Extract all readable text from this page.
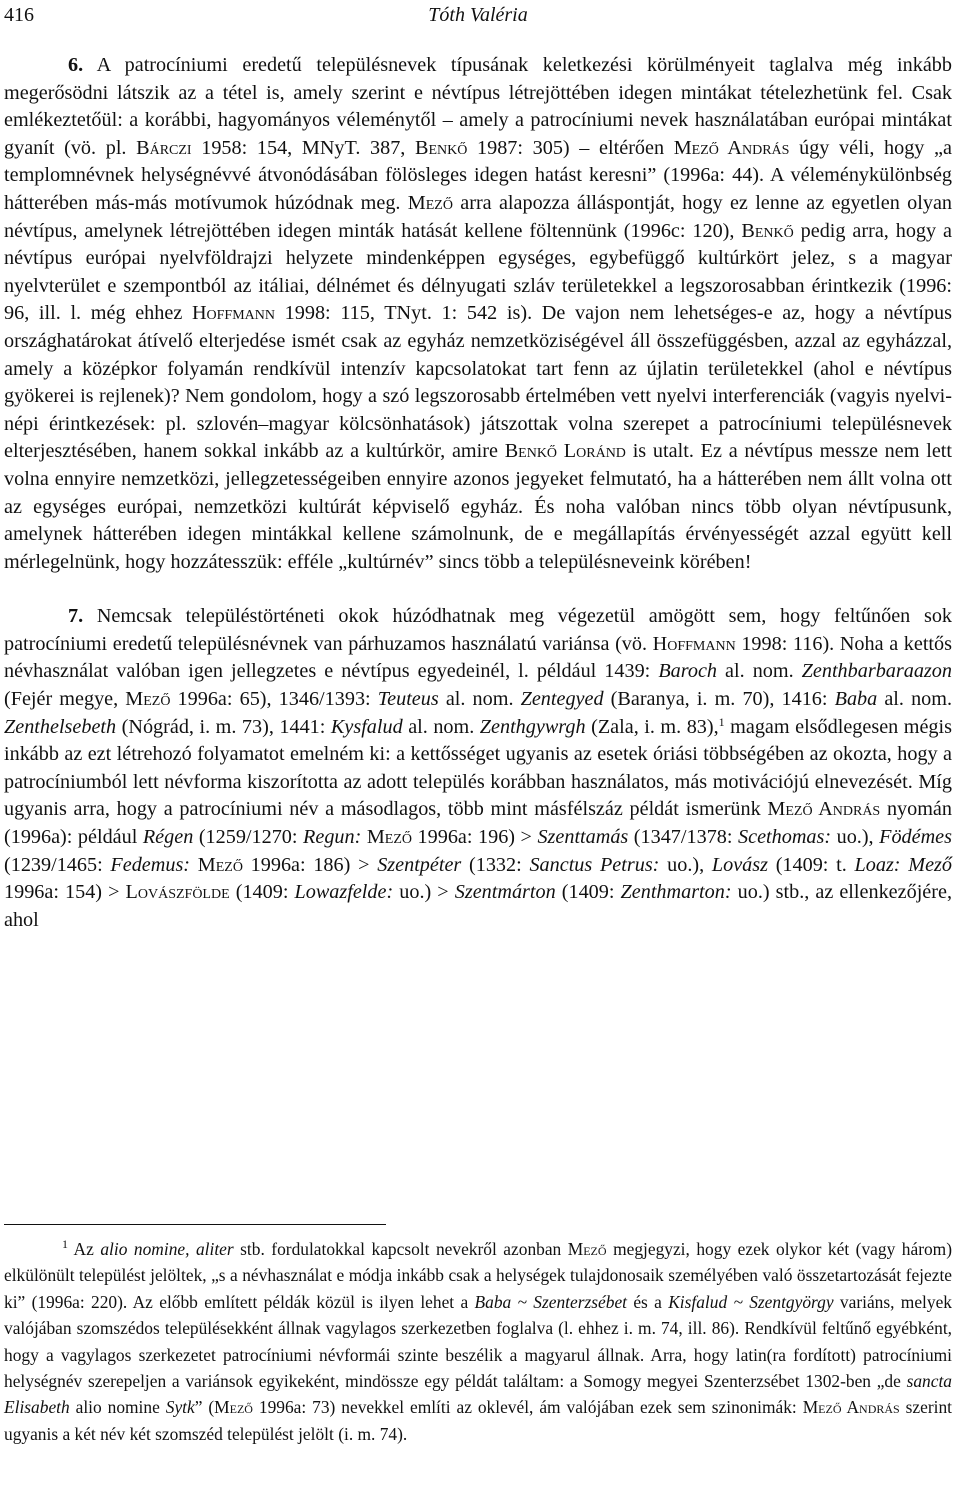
416	Tóth Valéria

6. A patrocíniumi eredetű településnevek típusának keletkezési körülményeit taglalva még inkább megerősödni látszik az a tétel is, amely szerint e névtípus létrejöttében idegen mintákat tételezhetünk fel. Csak emlékeztetőül: a korábbi, hagyományos véleménytől – amely a patrocíniumi nevek használatában európai mintákat gyanít (vö. pl. Bárczi 1958: 154, MNyT. 387, Benkő 1987: 305) – eltérően Mező András úgy véli, hogy „a templomnévnek helységnévvé átvonódásában fölösleges idegen hatást keresni” (1996a: 44). A véleménykülönbség hátterében más-más motívumok húzódnak meg. Mező arra alapozza álláspontját, hogy ez lenne az egyetlen olyan névtípus, amelynek létrejöttében idegen minták hatását kellene föltennünk (1996c: 120), Benkő pedig arra, hogy a névtípus európai nyelvföldrajzi helyzete mindenképpen egységes, egybefüggő kultúrkört jelez, s a magyar nyelvterület e szempontból az itáliai, délnémet és délnyugati szláv területekkel a legszorosabban érintkezik (1996: 96, ill. l. még ehhez Hoffmann 1998: 115, TNyt. 1: 542 is). De vajon nem lehetséges-e az, hogy a névtípus országhatárokat átívelő elterjedése ismét csak az egyház nemzetköziségével áll összefüggésben, azzal az egyházzal, amely a középkor folyamán rendkívül intenzív kapcsolatokat tart fenn az újlatin területekkel (ahol e névtípus gyökerei is rejlenek)? Nem gondolom, hogy a szó legszorosabb értelmében vett nyelvi interferenciák (vagyis nyelvi-népi érintkezések: pl. szlovén–magyar kölcsönhatások) játszottak volna szerepet a patrocíniumi településnevek elterjesztésében, hanem sokkal inkább az a kultúrkör, amire Benkő Loránd is utalt. Ez a névtípus messze nem lett volna ennyire nemzetközi, jellegzetességeiben ennyire azonos jegyeket felmutató, ha a hátterében nem állt volna ott az egységes európai, nemzetközi kultúrát képviselő egyház. És noha valóban nincs több olyan névtípusunk, amelynek hátterében idegen mintákkal kellene számolnunk, de e megállapítás érvényességét azzal együtt kell mérlegelnünk, hogy hozzátesszük: efféle „kultúrnév” sincs több a településneveink körében!

7. Nemcsak településtörténeti okok húzódhatnak meg végezetül amögött sem, hogy feltűnően sok patrocíniumi eredetű településnévnek van párhuzamos használatú variánsa (vö. Hoffmann 1998: 116). Noha a kettős névhasználat valóban igen jellegzetes e névtípus egyedeinél, l. például 1439: Baroch al. nom. Zenthbarbaraazon (Fejér megye, Mező 1996a: 65), 1346/1393: Teuteus al. nom. Zentegyed (Baranya, i. m. 70), 1416: Baba al. nom. Zenthelsebeth (Nógrád, i. m. 73), 1441: Kysfalud al. nom. Zenthgywrgh (Zala, i. m. 83),$^1$ magam elsődlegesen mégis inkább az ezt létrehozó folyamatot emelném ki: a kettősséget ugyanis az esetek óriási többségében az okozta, hogy a patrocíniumból lett névforma kiszorította az adott település korábban használatos, más motivációjú elnevezését. Míg ugyanis arra, hogy a patrocíniumi név a másodlagos, több mint másfélszáz példát ismerünk Mező András nyomán (1996a): például Régen (1259/1270: Regun: Mező 1996a: 196) > Szenttamás (1347/1378: Scethomas: uo.), Födémes (1239/1465: Fedemus: Mező 1996a: 186) > Szentpéter (1332: Sanctus Petrus: uo.), Lovász (1409: t. Loaz: Mező 1996a: 154) > Lovászfölde (1409: Lowazfelde: uo.) > Szentmárton (1409: Zenthmarton: uo.) stb., az ellenkezőjére, ahol

$^1$ Az alio nomine, aliter stb. fordulatokkal kapcsolt nevekről azonban Mező megjegyzi, hogy ezek olykor két (vagy három) elkülönült települést jelöltek, „s a névhasználat e módja inkább csak a helységek tulajdonosaik személyében való összetartozását fejezte ki” (1996a: 220). Az előbb említett példák közül is ilyen lehet a Baba ~ Szenterzsébet és a Kisfalud ~ Szentgyörgy variáns, melyek valójában szomszédos településekként állnak vagylagos szerkezetben foglalva (l. ehhez i. m. 74, ill. 86). Rendkívül feltűnő egyébként, hogy a vagylagos szerkezetet patrocíniumi névformái szinte beszélik a magyarul állnak. Arra, hogy latin(ra fordított) patrocíniumi helységnév szerepeljen a variánsok egyikeként, mindössze egy példát találtam: a Somogy megyei Szenterzsébet 1302-ben „de sancta Elisabeth alio nomine Sytk” (Mező 1996a: 73) nevekkel említi az oklevél, ám valójában ezek sem szinonimák: Mező András szerint ugyanis a két név két szomszéd települést jelölt (i. m. 74).
